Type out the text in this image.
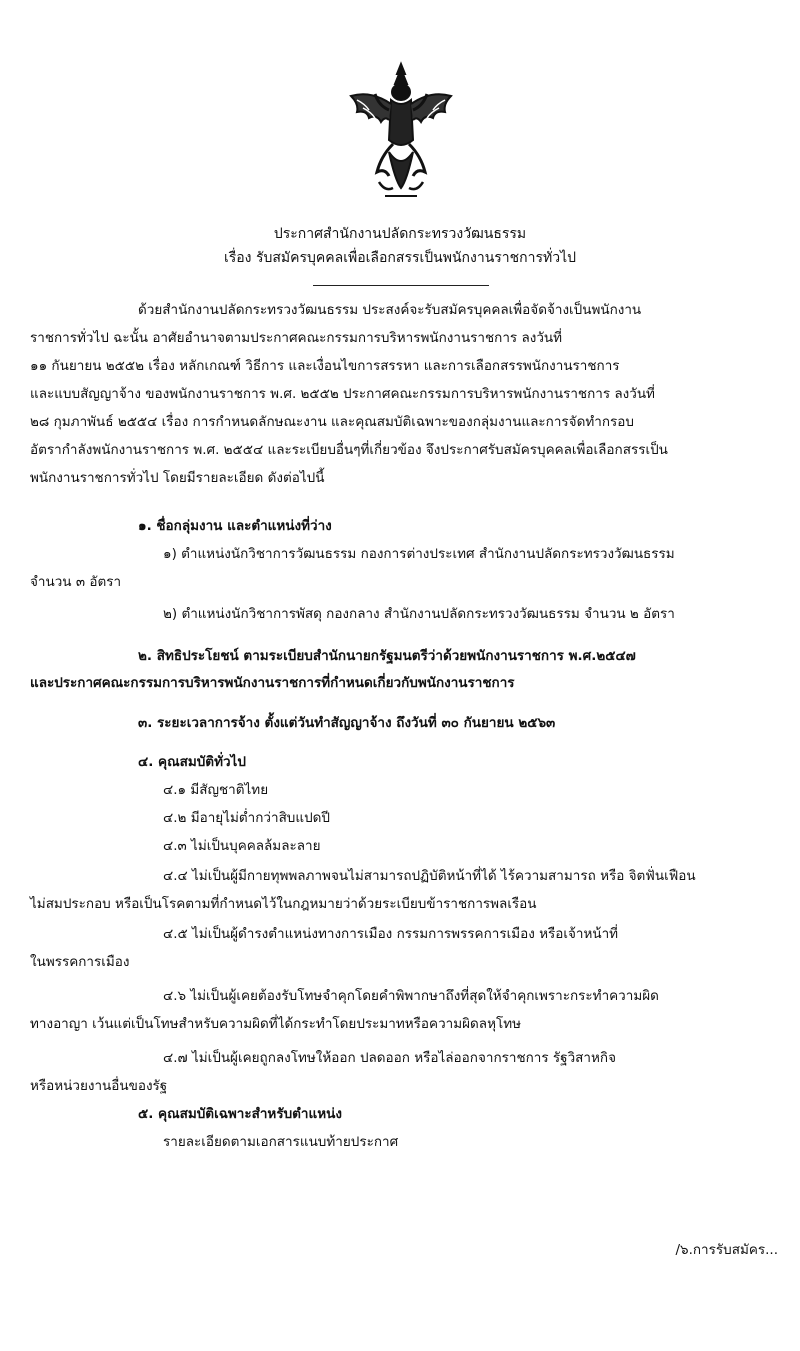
ประกาศสำนักงานปลัดกระทรวงวัฒนธรรม
เรื่อง รับสมัครบุคคลเพื่อเลือกสรรเป็นพนักงานราชการทั่วไป
ด้วยสำนักงานปลัดกระทรวงวัฒนธรรม ประสงค์จะรับสมัครบุคคลเพื่อจัดจ้างเป็นพนักงาน
ราชการทั่วไป ฉะนั้น อาศัยอำนาจตามประกาศคณะกรรมการบริหารพนักงานราชการ ลงวันที่
๑๑ กันยายน ๒๕๕๒ เรื่อง หลักเกณฑ์ วิธีการ และเงื่อนไขการสรรหา และการเลือกสรรพนักงานราชการ
และแบบสัญญาจ้าง ของพนักงานราชการ พ.ศ. ๒๕๕๒ ประกาศคณะกรรมการบริหารพนักงานราชการ ลงวันที่
๒๘ กุมภาพันธ์ ๒๕๕๔ เรื่อง การกำหนดลักษณะงาน และคุณสมบัติเฉพาะของกลุ่มงานและการจัดทำกรอบ
อัตรากำลังพนักงานราชการ พ.ศ. ๒๕๕๔ และระเบียบอื่นๆที่เกี่ยวข้อง จึงประกาศรับสมัครบุคคลเพื่อเลือกสรรเป็น
พนักงานราชการทั่วไป โดยมีรายละเอียด ดังต่อไปนี้
๑. ชื่อกลุ่มงาน และตำแหน่งที่ว่าง
๑) ตำแหน่งนักวิชาการวัฒนธรรม กองการต่างประเทศ สำนักงานปลัดกระทรวงวัฒนธรรม
จำนวน ๓ อัตรา
๒) ตำแหน่งนักวิชาการพัสดุ กองกลาง สำนักงานปลัดกระทรวงวัฒนธรรม จำนวน ๒ อัตรา
๒. สิทธิประโยชน์ ตามระเบียบสำนักนายกรัฐมนตรีว่าด้วยพนักงานราชการ พ.ศ.๒๕๔๗
และประกาศคณะกรรมการบริหารพนักงานราชการที่กำหนดเกี่ยวกับพนักงานราชการ
๓. ระยะเวลาการจ้าง ตั้งแต่วันทำสัญญาจ้าง ถึงวันที่ ๓๐ กันยายน ๒๕๖๓
๔. คุณสมบัติทั่วไป
๔.๑ มีสัญชาติไทย
๔.๒ มีอายุไม่ต่ำกว่าสิบแปดปี
๔.๓ ไม่เป็นบุคคลล้มละลาย
๔.๔ ไม่เป็นผู้มีกายทุพพลภาพจนไม่สามารถปฏิบัติหน้าที่ได้ ไร้ความสามารถ หรือ จิตฟั่นเฟือน
ไม่สมประกอบ หรือเป็นโรคตามที่กำหนดไว้ในกฎหมายว่าด้วยระเบียบข้าราชการพลเรือน
๔.๕ ไม่เป็นผู้ดำรงตำแหน่งทางการเมือง กรรมการพรรคการเมือง หรือเจ้าหน้าที่
ในพรรคการเมือง
๔.๖ ไม่เป็นผู้เคยต้องรับโทษจำคุกโดยคำพิพากษาถึงที่สุดให้จำคุกเพราะกระทำความผิด
ทางอาญา เว้นแต่เป็นโทษสำหรับความผิดที่ได้กระทำโดยประมาทหรือความผิดลหุโทษ
๔.๗ ไม่เป็นผู้เคยถูกลงโทษให้ออก ปลดออก หรือไล่ออกจากราชการ รัฐวิสาหกิจ
หรือหน่วยงานอื่นของรัฐ
๕. คุณสมบัติเฉพาะสำหรับตำแหน่ง
รายละเอียดตามเอกสารแนบท้ายประกาศ
/๖.การรับสมัคร...
